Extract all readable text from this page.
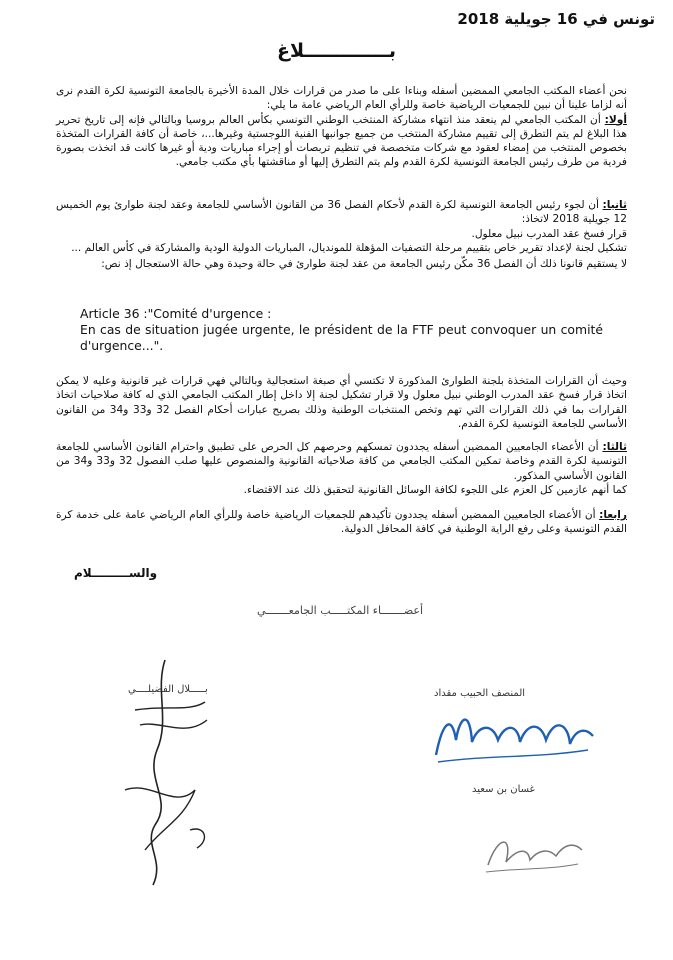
تونس في 16 جويلية 2018
بـــــــــــــلاغ

نحن أعضاء المكتب الجامعي الممضين أسفله وبناءا على ما صدر من قرارات خلال المدة الأخيرة بالجامعة التونسية لكرة القدم نرى أنه لزاما علينا أن نبين للجمعيات الرياضية خاصة وللرأي العام الرياضي عامة ما يلي:

أولا: أن المكتب الجامعي لم ينعقد منذ انتهاء مشاركة المنتخب الوطني التونسي بكأس العالم بروسيا وبالتالي فإنه إلى تاريخ تحرير هذا البلاغ لم يتم التطرق إلى تقييم مشاركة المنتخب من جميع جوانبها الفنية اللوجستية وغيرها...، خاصة أن كافة القرارات المتخذة بخصوص المنتخب من إمضاء لعقود مع شركات متخصصة في تنظيم تربصات أو إجراء مباريات ودية أو غيرها كانت قد اتخذت بصورة فردية من طرف رئيس الجامعة التونسية لكرة القدم ولم يتم التطرق إليها أو مناقشتها بأي مكتب جامعي.

ثانيا: أن لجوء رئيس الجامعة التونسية لكرة القدم لأحكام الفصل 36 من القانون الأساسي للجامعة وعقد لجنة طوارئ يوم الخميس 12 جويلية 2018 لاتخاذ:

قرار فسخ عقد المدرب نبيل معلول.

تشكيل لجنة لإعداد تقرير خاص بتقييم مرحلة التصفيات المؤهلة للمونديال، المباريات الدولية الودية والمشاركة في كأس العالم ...

لا يستقيم قانونا ذلك أن الفصل 36 مكّن رئيس الجامعة من عقد لجنة طوارئ في حالة وحيدة وهي حالة الاستعجال إذ نص:

Article 36 :"Comité d'urgence :

En cas de situation jugée urgente, le président de la FTF peut convoquer un comité d'urgence...".

وحيث أن القرارات المتخذة بلجنة الطوارئ المذكورة لا تكتسي أي صبغة استعجالية وبالتالي فهي قرارات غير قانونية وعليه لا يمكن اتخاذ قرار فسخ عقد المدرب الوطني نبيل معلول ولا قرار تشكيل لجنة إلا داخل إطار المكتب الجامعي الذي له كافة صلاحيات اتخاذ القرارات بما في ذلك القرارات التي تهم وتخص المنتخبات الوطنية وذلك بصريح عبارات أحكام الفصل 32 و33 و34 من القانون الأساسي للجامعة التونسية لكرة القدم.

ثالثا: أن الأعضاء الجامعيين الممضين أسفله يجددون تمسكهم وحرصهم كل الحرص على تطبيق واحترام القانون الأساسي للجامعة التونسية لكرة القدم وخاصة تمكين المكتب الجامعي من كافة صلاحياته القانونية والمنصوص عليها صلب الفصول 32 و33 و34 من القانون الأساسي المذكور.

كما أنهم عازمين كل العزم على اللجوء لكافة الوسائل القانونية لتحقيق ذلك عند الاقتضاء.

رابعا: أن الأعضاء الجامعيين الممضين أسفله يجددون تأكيدهم للجمعيات الرياضية خاصة وللرأي العام الرياضي عامة على خدمة كرة القدم التونسية وعلى رفع الراية الوطنية في كافة المحافل الدولية.

والســـــــــلام
أعضـــــــاء المكتـــــب الجامعـــــــي
بـــــلال الفضيلــــي	المنصف الحبيب مقداد
غسان بن سعيد
